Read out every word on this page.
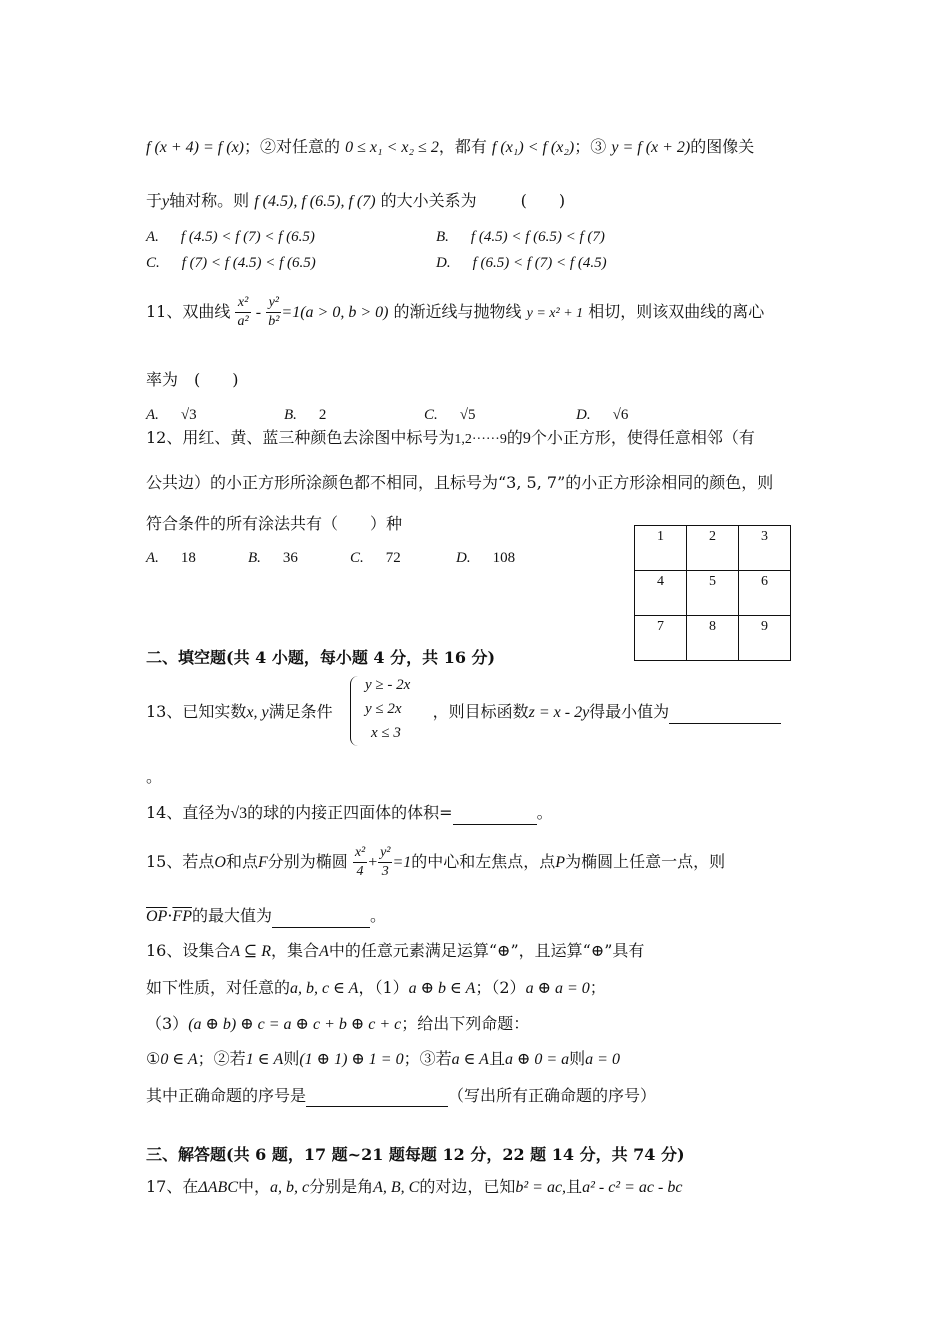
f (x + 4) = f (x)；②对任意的 0 ≤ x₁ < x₂ ≤ 2，都有 f (x₁) < f (x₂)；③ y = f (x + 2)的图像关
于y轴对称。则 f (4.5), f (6.5), f (7) 的大小关系为	(　　)
A. f (4.5) < f (7) < f (6.5)	B. f (4.5) < f (6.5) < f (7)
C. f (7) < f (4.5) < f (6.5)	D. f (6.5) < f (7) < f (4.5)
11、双曲线 $\frac{\text{x²}}{\text{a²}} - \frac{\text{y²}}{\text{b²}} =1(a > 0$, b > 0) 的渐近线与抛物线 y = x² + 1 相切，则该双曲线的离心
率为　(　　)
A. √3	B. 2	C. √5	D. √6
12、用红、黄、蓝三种颜色去涂图中标号为1,2······9的9个小正方形，使得任意相邻（有
公共边）的小正方形所涂颜色都不相同，且标号为“3, 5, 7”的小正方形涂相同的颜色，则
符合条件的所有涂法共有（　　）种
A. 18	B. 36	C. 72	D. 108
1	2	3
4	5	6
7	8	9
二、填空题(共 4 小题，每小题 4 分，共 16 分)
13、已知实数x, y满足条件	，则目标函数z = x - 2y得最小值为
y ≥ - 2x
y ≤ 2x
x ≤ 3
。
14、直径为√3的球的内接正四面体的体积=	。
15、若点O和点F分别为椭圆 $\frac{\text{x²}}{4} + \frac{\text{y²}}{3} =1$的中心和左焦点，点P为椭圆上任意一点，则
$\overline{OP}\cdot\overline{FP}$的最大值为	。
16、设集合A ⊆ R，集合A中的任意元素满足运算“⊕”，且运算“⊕”具有
如下性质，对任意的a, b, c ∈ A，（1）a ⊕ b ∈ A；（2）a ⊕ a = 0；
（3）(a ⊕ b) ⊕ c = a ⊕ c + b ⊕ c + c；给出下列命题：
①0 ∈ A；②若1 ∈ A则(1 ⊕ 1) ⊕ 1 = 0；③若a ∈ A且a ⊕ 0 = a则a = 0
其中正确命题的序号是	（写出所有正确命题的序号）
三、解答题(共 6 题，17 题~21 题每题 12 分，22 题 14 分，共 74 分)
17、在ΔABC中，a, b, c分别是角A, B, C的对边，已知b² = ac,且a² - c² = ac - bc
